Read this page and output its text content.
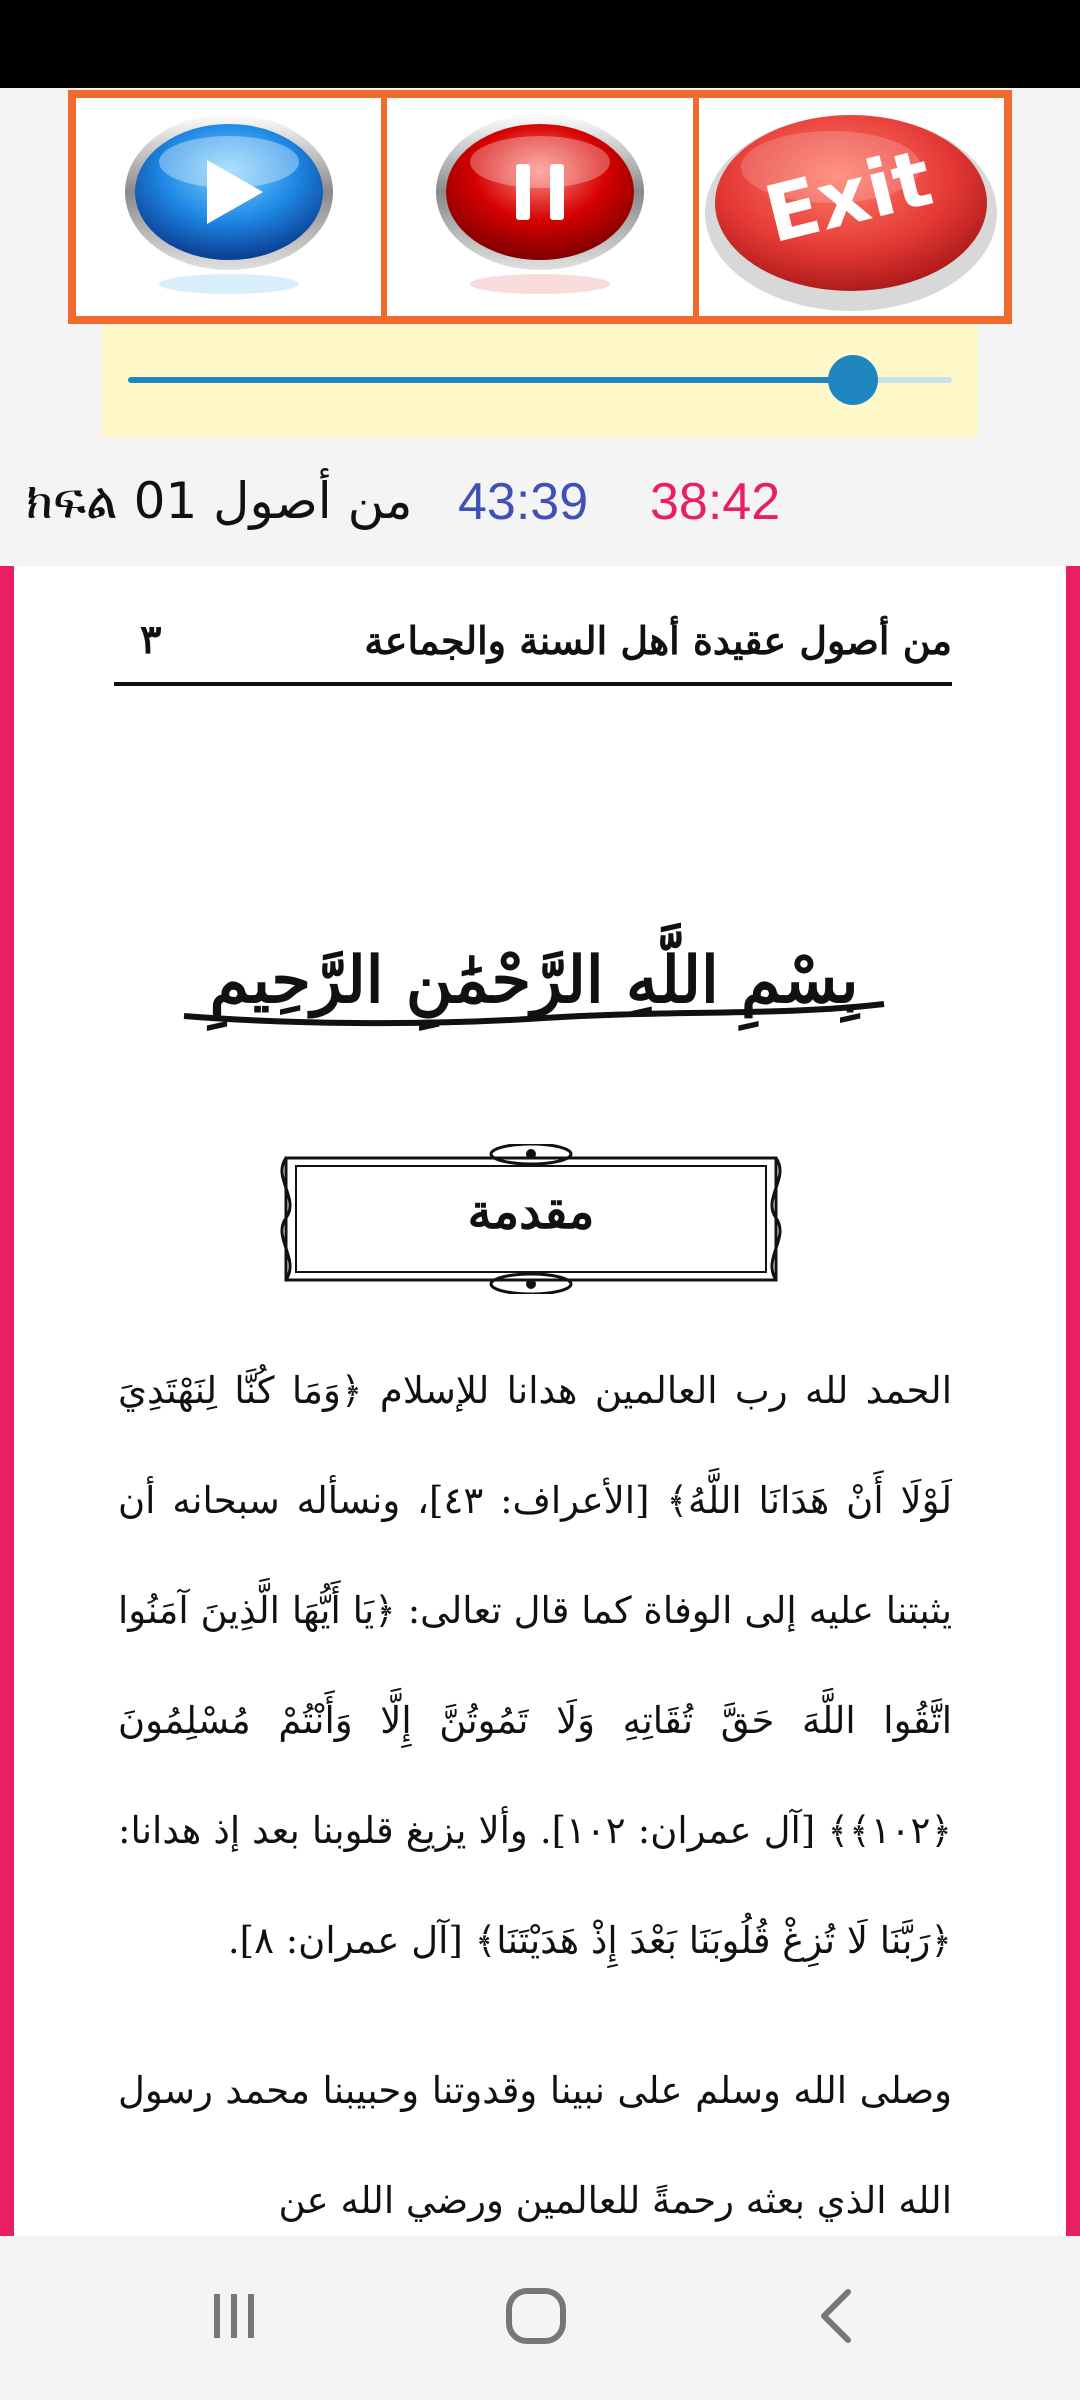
Exit
ክፍል 01 من أصول 43:39 38:42
من أصول عقيدة أهل السنة والجماعة
٣
بِسْمِ اللَّهِ الرَّحْمَٰنِ الرَّحِيمِ
مقدمة

الحمد لله رب العالمين هدانا للإسلام ﴿وَمَا كُنَّا لِنَهْتَدِيَ لَوْلَا أَنْ هَدَانَا اللَّهُ﴾ [الأعراف: ٤٣]، ونسأله سبحانه أن يثبتنا عليه إلى الوفاة كما قال تعالى: ﴿يَا أَيُّهَا الَّذِينَ آمَنُوا اتَّقُوا اللَّهَ حَقَّ تُقَاتِهِ وَلَا تَمُوتُنَّ إِلَّا وَأَنْتُمْ مُسْلِمُونَ ﴿١٠٢﴾﴾ [آل عمران: ١٠٢]. وألا يزيغ قلوبنا بعد إذ هدانا: ﴿رَبَّنَا لَا تُزِغْ قُلُوبَنَا بَعْدَ إِذْ هَدَيْتَنَا﴾ [آل عمران: ٨].

وصلى الله وسلم على نبينا وقدوتنا وحبيبنا محمد رسول الله الذي بعثه رحمةً للعالمين ورضي الله عن
